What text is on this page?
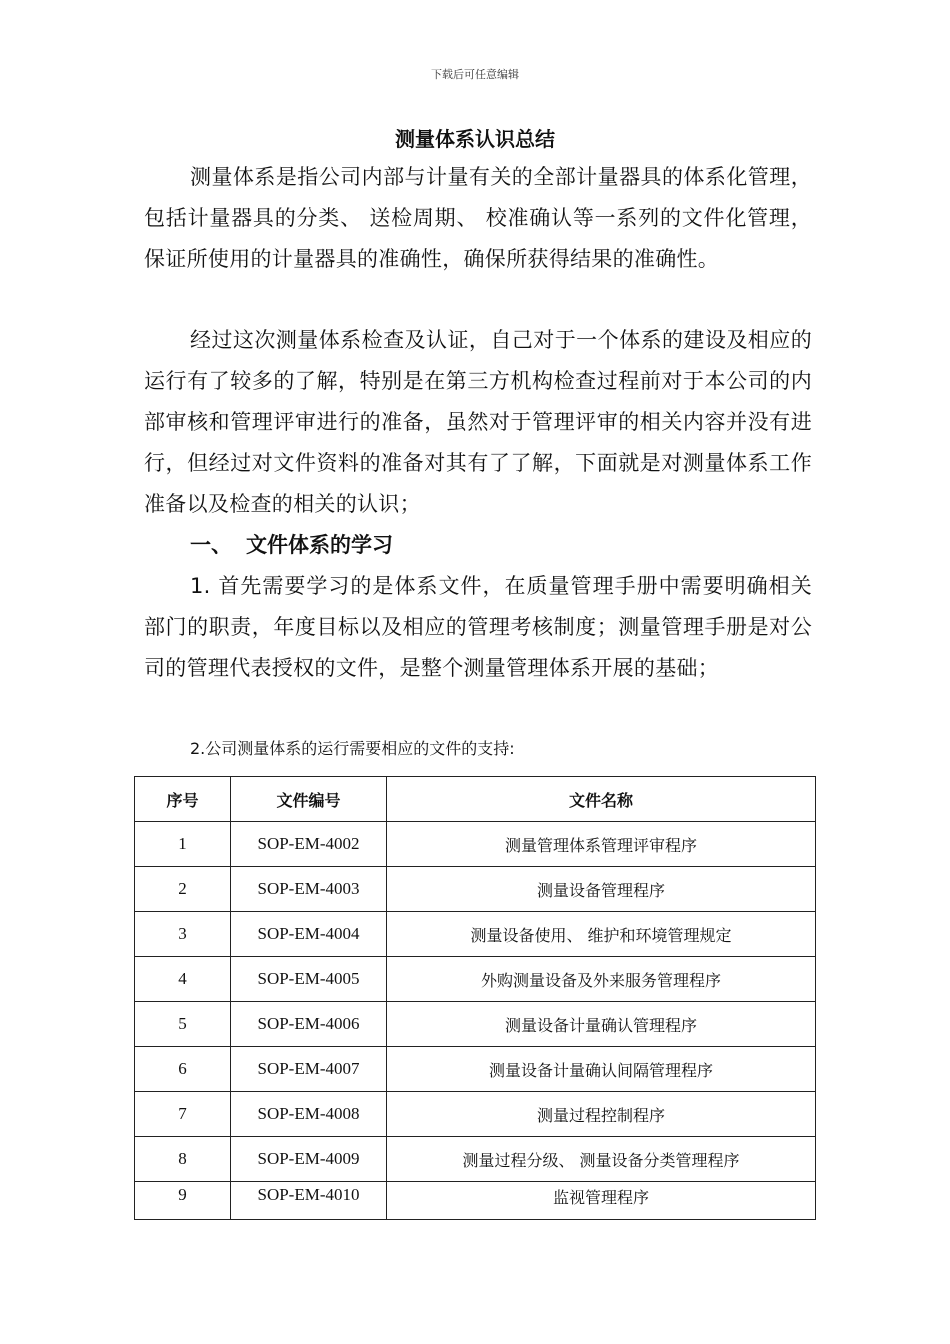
下载后可任意编辑
测量体系认识总结

测量体系是指公司内部与计量有关的全部计量器具的体系化管理，包括计量器具的分类、 送检周期、 校准确认等一系列的文件化管理，保证所使用的计量器具的准确性，确保所获得结果的准确性。

经过这次测量体系检查及认证，自己对于一个体系的建设及相应的运行有了较多的了解，特别是在第三方机构检查过程前对于本公司的内部审核和管理评审进行的准备，虽然对于管理评审的相关内容并没有进行，但经过对文件资料的准备对其有了了解，下面就是对测量体系工作准备以及检查的相关的认识；

一、 文件体系的学习

1. 首先需要学习的是体系文件，在质量管理手册中需要明确相关部门的职责，年度目标以及相应的管理考核制度；测量管理手册是对公司的管理代表授权的文件，是整个测量管理体系开展的基础；

2.公司测量体系的运行需要相应的文件的支持:
序号	文件编号	文件名称
1	SOP-EM-4002	测量管理体系管理评审程序
2	SOP-EM-4003	测量设备管理程序
3	SOP-EM-4004	测量设备使用、 维护和环境管理规定
4	SOP-EM-4005	外购测量设备及外来服务管理程序
5	SOP-EM-4006	测量设备计量确认管理程序
6	SOP-EM-4007	测量设备计量确认间隔管理程序
7	SOP-EM-4008	测量过程控制程序
8	SOP-EM-4009	测量过程分级、 测量设备分类管理程序
9	SOP-EM-4010	监视管理程序
